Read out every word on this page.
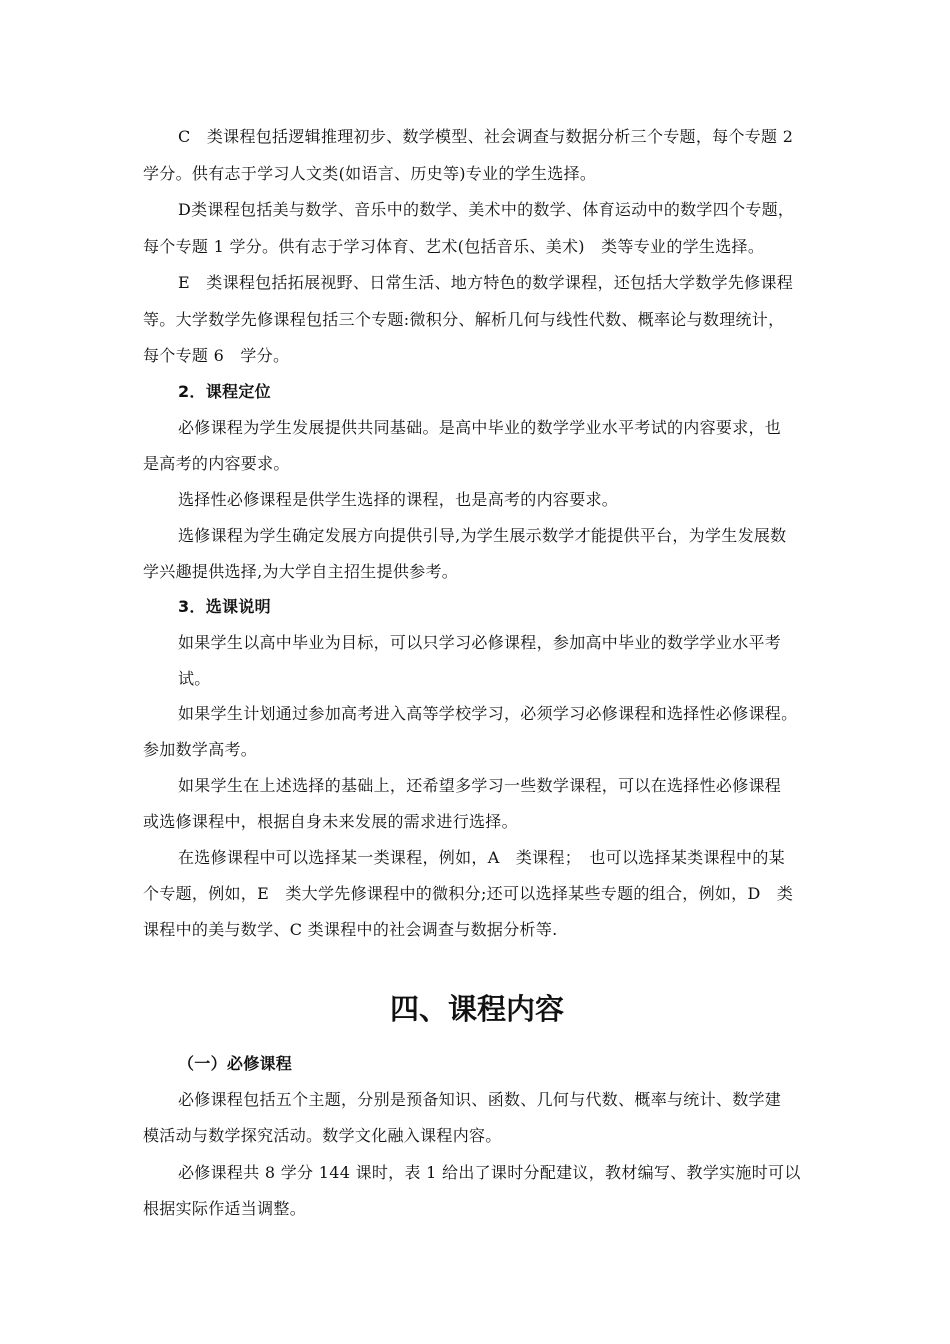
C　类课程包括逻辑推理初步、数学模型、社会调查与数据分析三个专题，每个专题 2
学分。供有志于学习人文类(如语言、历史等)专业的学生选择。
D类课程包括美与数学、音乐中的数学、美术中的数学、体育运动中的数学四个专题，
每个专题 1 学分。供有志于学习体育、艺术(包括音乐、美术)　类等专业的学生选择。
E　类课程包括拓展视野、日常生活、地方特色的数学课程，还包括大学数学先修课程
等。大学数学先修课程包括三个专题:微积分、解析几何与线性代数、概率论与数理统计，
每个专题 6　学分。
2．课程定位
必修课程为学生发展提供共同基础。是高中毕业的数学学业水平考试的内容要求，也
是高考的内容要求。
选择性必修课程是供学生选择的课程，也是高考的内容要求。
选修课程为学生确定发展方向提供引导,为学生展示数学才能提供平台，为学生发展数
学兴趣提供选择,为大学自主招生提供参考。
3．选课说明
如果学生以高中毕业为目标，可以只学习必修课程，参加高中毕业的数学学业水平考
试。
如果学生计划通过参加高考进入高等学校学习，必须学习必修课程和选择性必修课程。
参加数学高考。
如果学生在上述选择的基础上，还希望多学习一些数学课程，可以在选择性必修课程
或选修课程中，根据自身未来发展的需求进行选择。
在选修课程中可以选择某一类课程，例如，A　类课程；　也可以选择某类课程中的某
个专题，例如，E　类大学先修课程中的微积分;还可以选择某些专题的组合，例如，D　类
课程中的美与数学、C 类课程中的社会调查与数据分析等.
四、课程内容
（一）必修课程
必修课程包括五个主题，分别是预备知识、函数、几何与代数、概率与统计、数学建
模活动与数学探究活动。数学文化融入课程内容。
必修课程共 8 学分 144 课时，表 1 给出了课时分配建议，教材编写、教学实施时可以
根据实际作适当调整。
